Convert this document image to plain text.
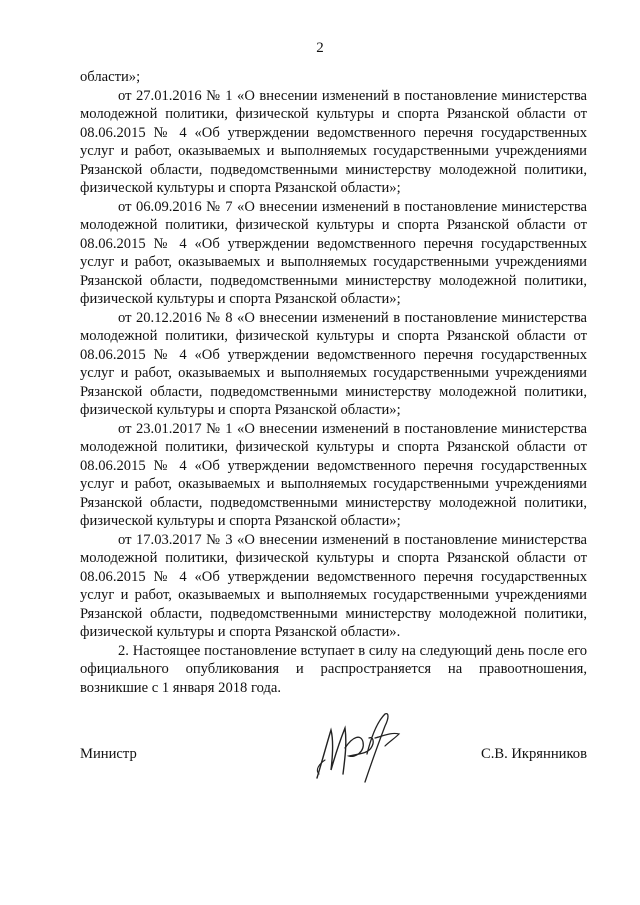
2

области»;

от 27.01.2016 № 1 «О внесении изменений в постановление министерства молодежной политики, физической культуры и спорта Рязанской области от 08.06.2015 № 4 «Об утверждении ведомственного перечня государственных услуг и работ, оказываемых и выполняемых государственными учреждениями Рязанской области, подведомственными министерству молодежной политики, физической культуры и спорта Рязанской области»;

от 06.09.2016 № 7 «О внесении изменений в постановление министерства молодежной политики, физической культуры и спорта Рязанской области от 08.06.2015 № 4 «Об утверждении ведомственного перечня государственных услуг и работ, оказываемых и выполняемых государственными учреждениями Рязанской области, подведомственными министерству молодежной политики, физической культуры и спорта Рязанской области»;

от 20.12.2016 № 8 «О внесении изменений в постановление министерства молодежной политики, физической культуры и спорта Рязанской области от 08.06.2015 № 4 «Об утверждении ведомственного перечня государственных услуг и работ, оказываемых и выполняемых государственными учреждениями Рязанской области, подведомственными министерству молодежной политики, физической культуры и спорта Рязанской области»;

от 23.01.2017 № 1 «О внесении изменений в постановление министерства молодежной политики, физической культуры и спорта Рязанской области от 08.06.2015 № 4 «Об утверждении ведомственного перечня государственных услуг и работ, оказываемых и выполняемых государственными учреждениями Рязанской области, подведомственными министерству молодежной политики, физической культуры и спорта Рязанской области»;

от 17.03.2017 № 3 «О внесении изменений в постановление министерства молодежной политики, физической культуры и спорта Рязанской области от 08.06.2015 № 4 «Об утверждении ведомственного перечня государственных услуг и работ, оказываемых и выполняемых государственными учреждениями Рязанской области, подведомственными министерству молодежной политики, физической культуры и спорта Рязанской области».

2. Настоящее постановление вступает в силу на следующий день после его официального опубликования и распространяется на правоотношения, возникшие с 1 января 2018 года.

Министр	С.В. Икрянников
